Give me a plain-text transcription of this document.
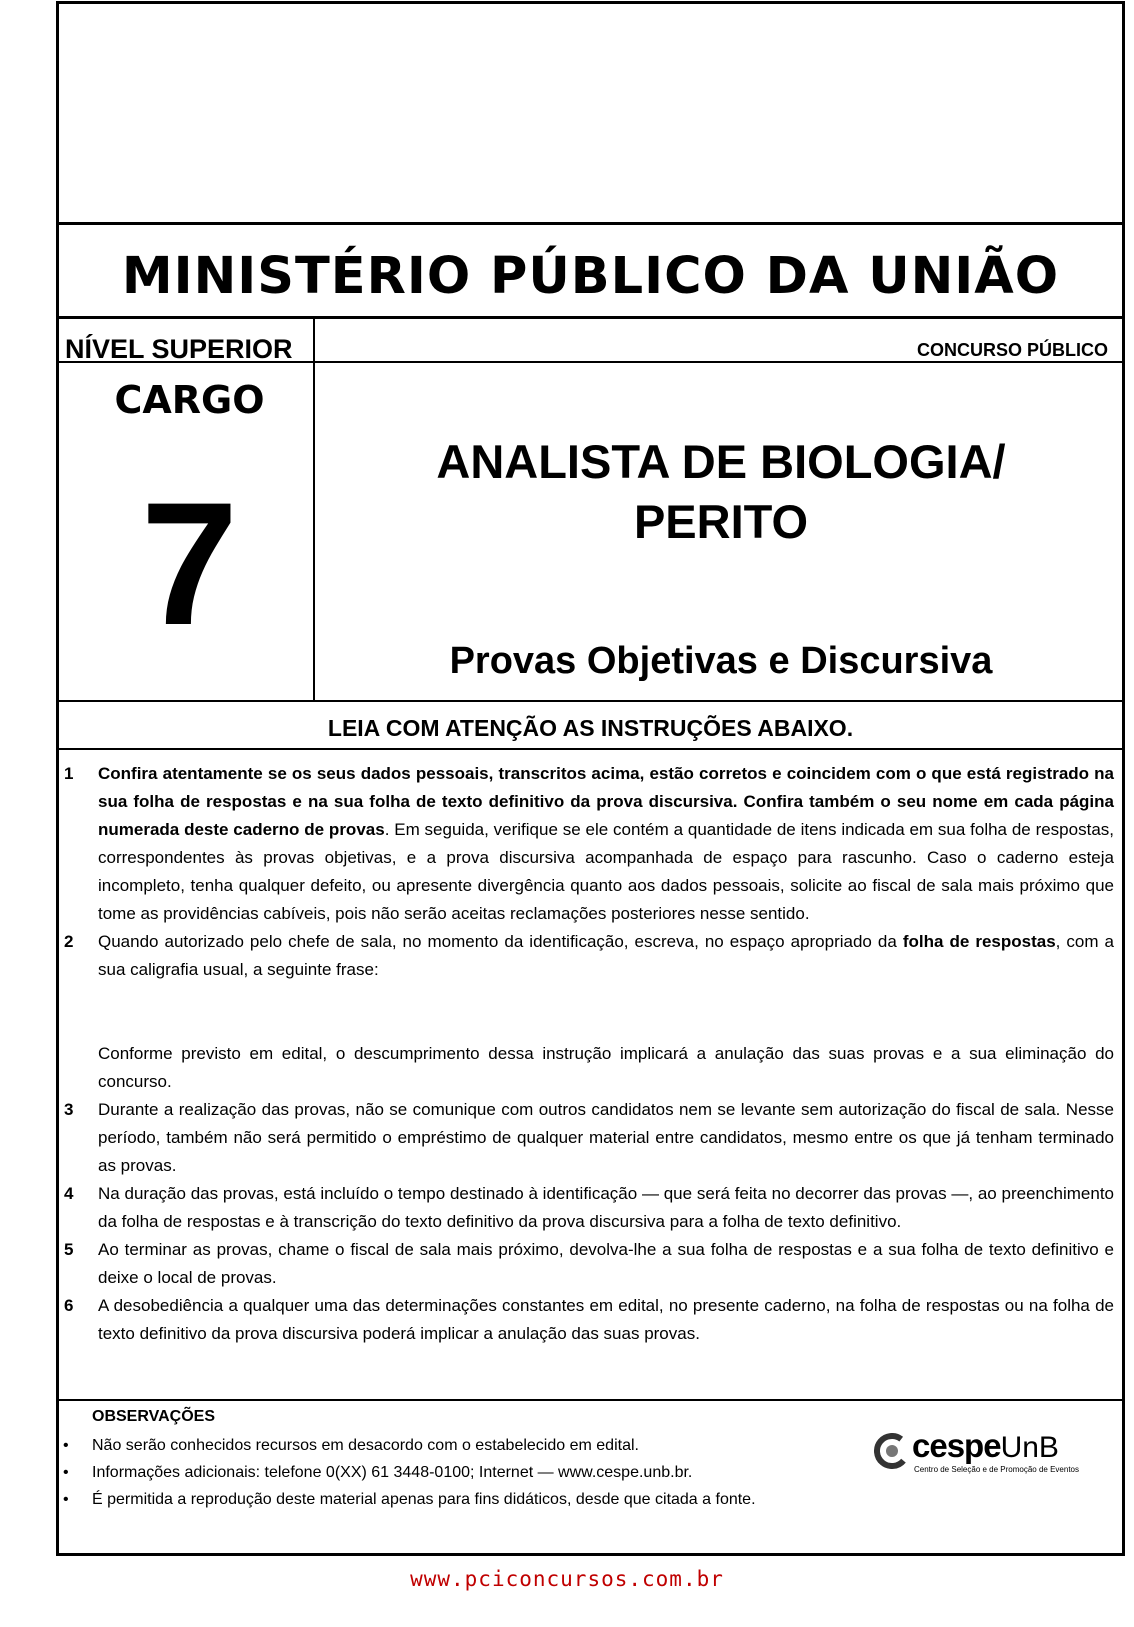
MINISTÉRIO PÚBLICO DA UNIÃO
NÍVEL SUPERIOR	CONCURSO PÚBLICO
CARGO
7
ANALISTA DE BIOLOGIA/
PERITO
Provas Objetivas e Discursiva
LEIA COM ATENÇÃO AS INSTRUÇÕES ABAIXO.
1 Confira atentamente se os seus dados pessoais, transcritos acima, estão corretos e coincidem com o que está registrado na sua folha de respostas e na sua folha de texto definitivo da prova discursiva. Confira também o seu nome em cada página numerada deste caderno de provas. Em seguida, verifique se ele contém a quantidade de itens indicada em sua folha de respostas, correspondentes às provas objetivas, e a prova discursiva acompanhada de espaço para rascunho. Caso o caderno esteja incompleto, tenha qualquer defeito, ou apresente divergência quanto aos dados pessoais, solicite ao fiscal de sala mais próximo que tome as providências cabíveis, pois não serão aceitas reclamações posteriores nesse sentido.
2 Quando autorizado pelo chefe de sala, no momento da identificação, escreva, no espaço apropriado da folha de respostas, com a sua caligrafia usual, a seguinte frase:
Conforme previsto em edital, o descumprimento dessa instrução implicará a anulação das suas provas e a sua eliminação do concurso.
3 Durante a realização das provas, não se comunique com outros candidatos nem se levante sem autorização do fiscal de sala. Nesse período, também não será permitido o empréstimo de qualquer material entre candidatos, mesmo entre os que já tenham terminado as provas.
4 Na duração das provas, está incluído o tempo destinado à identificação — que será feita no decorrer das provas —, ao preenchimento da folha de respostas e à transcrição do texto definitivo da prova discursiva para a folha de texto definitivo.
5 Ao terminar as provas, chame o fiscal de sala mais próximo, devolva-lhe a sua folha de respostas e a sua folha de texto definitivo e deixe o local de provas.
6 A desobediência a qualquer uma das determinações constantes em edital, no presente caderno, na folha de respostas ou na folha de texto definitivo da prova discursiva poderá implicar a anulação das suas provas.
OBSERVAÇÕES
• Não serão conhecidos recursos em desacordo com o estabelecido em edital.
• Informações adicionais: telefone 0(XX) 61 3448-0100; Internet — www.cespe.unb.br.
• É permitida a reprodução deste material apenas para fins didáticos, desde que citada a fonte.
cespeUnB
Centro de Seleção e de Promoção de Eventos
www.pciconcursos.com.br
